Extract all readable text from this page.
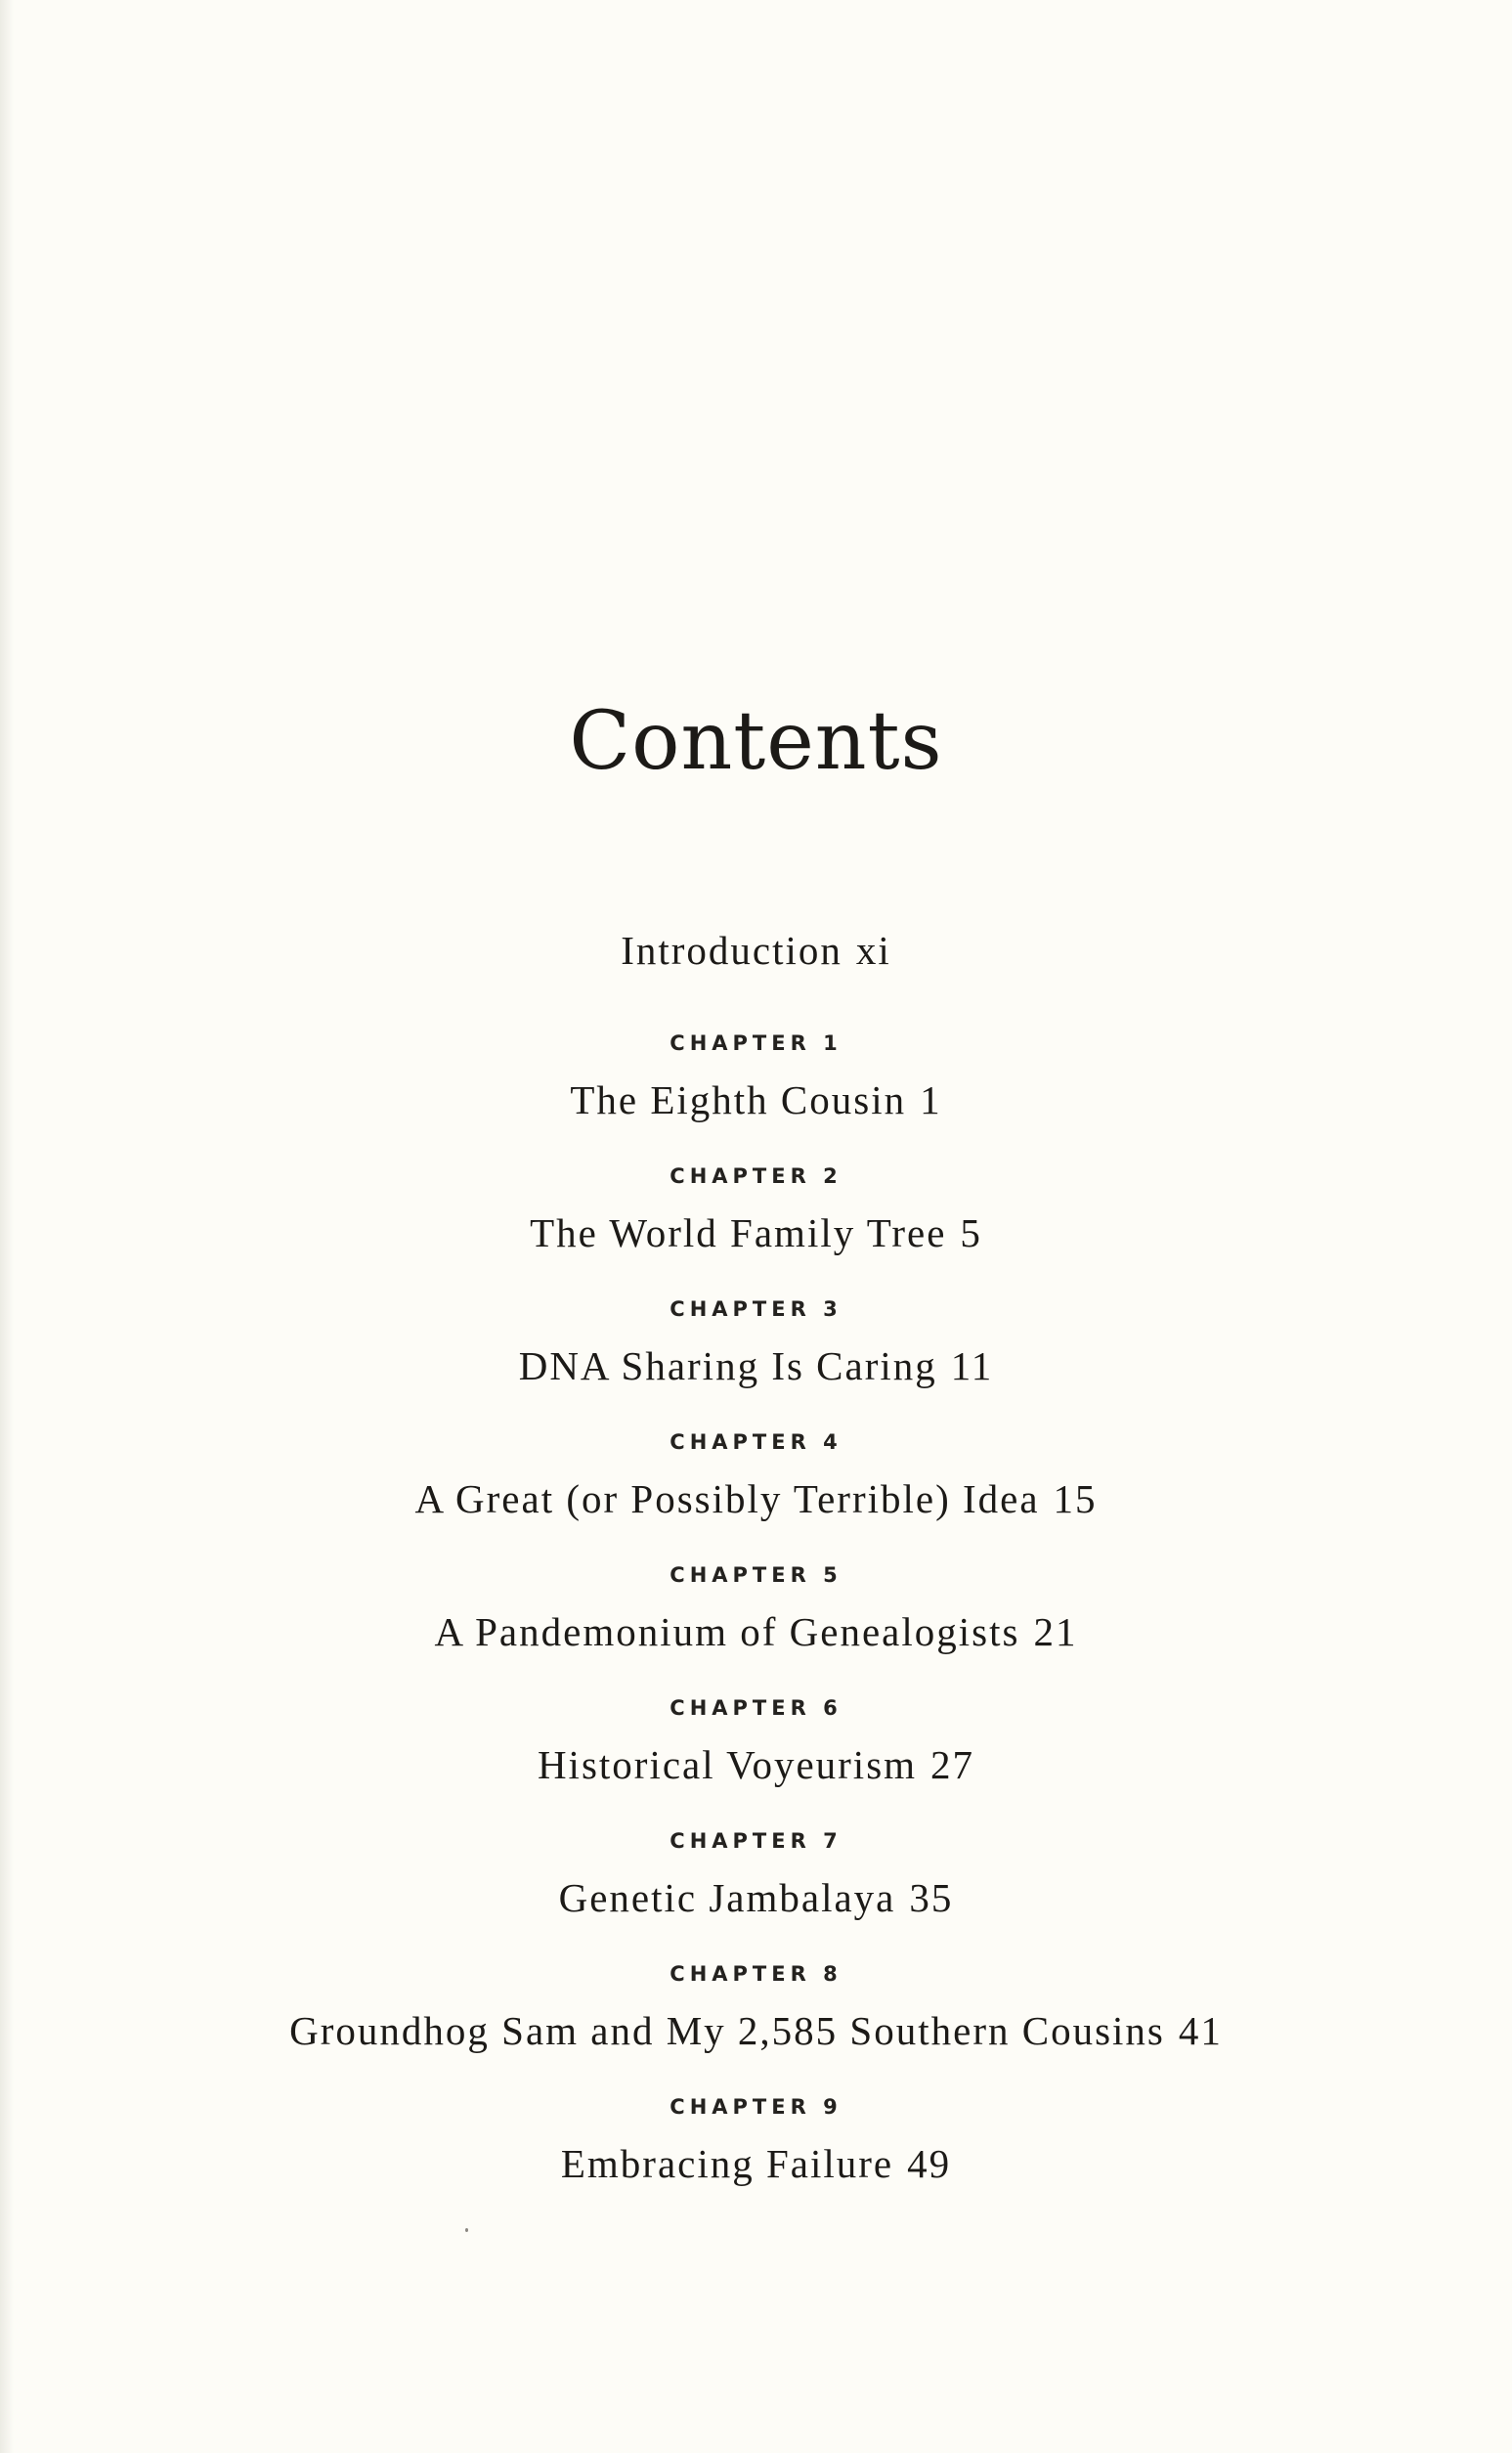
Contents
Introduction xi
CHAPTER 1
The Eighth Cousin 1
CHAPTER 2
The World Family Tree 5
CHAPTER 3
DNA Sharing Is Caring 11
CHAPTER 4
A Great (or Possibly Terrible) Idea 15
CHAPTER 5
A Pandemonium of Genealogists 21
CHAPTER 6
Historical Voyeurism 27
CHAPTER 7
Genetic Jambalaya 35
CHAPTER 8
Groundhog Sam and My 2,585 Southern Cousins 41
CHAPTER 9
Embracing Failure 49
